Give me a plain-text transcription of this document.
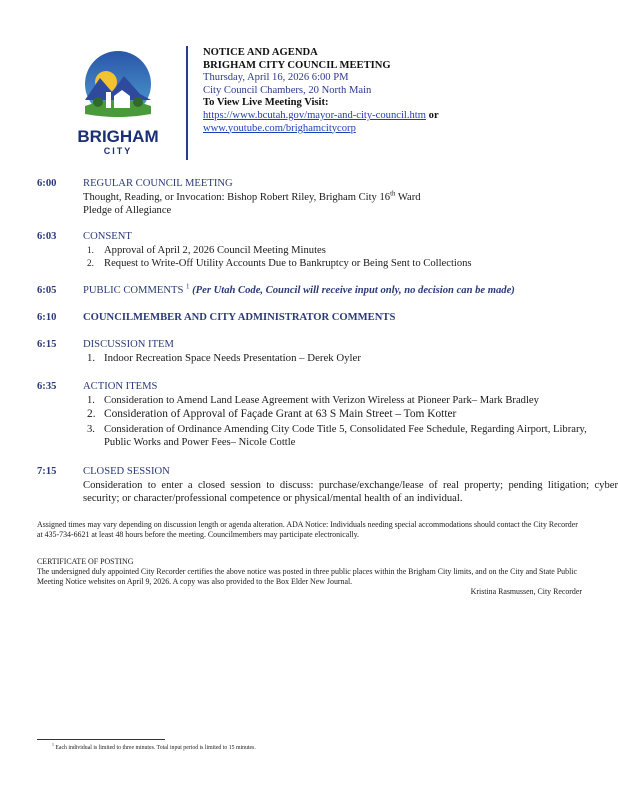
BRIGHAM
CITY
NOTICE AND AGENDA
BRIGHAM CITY COUNCIL MEETING
Thursday, April 16, 2026 6:00 PM
City Council Chambers, 20 North Main
To View Live Meeting Visit:
https://www.bcutah.gov/mayor-and-city-council.htm or
www.youtube.com/brighamcitycorp
6:00	REGULAR COUNCIL MEETING
Thought, Reading, or Invocation: Bishop Robert Riley, Brigham City 16th Ward
Pledge of Allegiance
6:03	CONSENT
1. Approval of April 2, 2026 Council Meeting Minutes
2. Request to Write-Off Utility Accounts Due to Bankruptcy or Being Sent to Collections
6:05	PUBLIC COMMENTS $^1$ (Per Utah Code, Council will receive input only, no decision can be made)
6:10	COUNCILMEMBER AND CITY ADMINISTRATOR COMMENTS
6:15	DISCUSSION ITEM
1. Indoor Recreation Space Needs Presentation – Derek Oyler
6:35	ACTION ITEMS
1. Consideration to Amend Land Lease Agreement with Verizon Wireless at Pioneer Park– Mark Bradley
2. Consideration of Approval of Façade Grant at 63 S Main Street – Tom Kotter
3. Consideration of Ordinance Amending City Code Title 5, Consolidated Fee Schedule, Regarding Airport, Library, Public Works and Power Fees– Nicole Cottle
7:15	CLOSED SESSION
Consideration to enter a closed session to discuss: purchase/exchange/lease of real property; pending litigation; cyber security; or character/professional competence or physical/mental health of an individual.
Assigned times may vary depending on discussion length or agenda alteration. ADA Notice: Individuals needing special accommodations should contact the City Recorder at 435-734-6621 at least 48 hours before the meeting. Councilmembers may participate electronically.
CERTIFICATE OF POSTING
The undersigned duly appointed City Recorder certifies the above notice was posted in three public places within the Brigham City limits, and on the City and State Public Meeting Notice websites on April 9, 2026. A copy was also provided to the Box Elder New Journal.
Kristina Rasmussen, City Recorder
$^1$ Each individual is limited to three minutes. Total input period is limited to 15 minutes.
